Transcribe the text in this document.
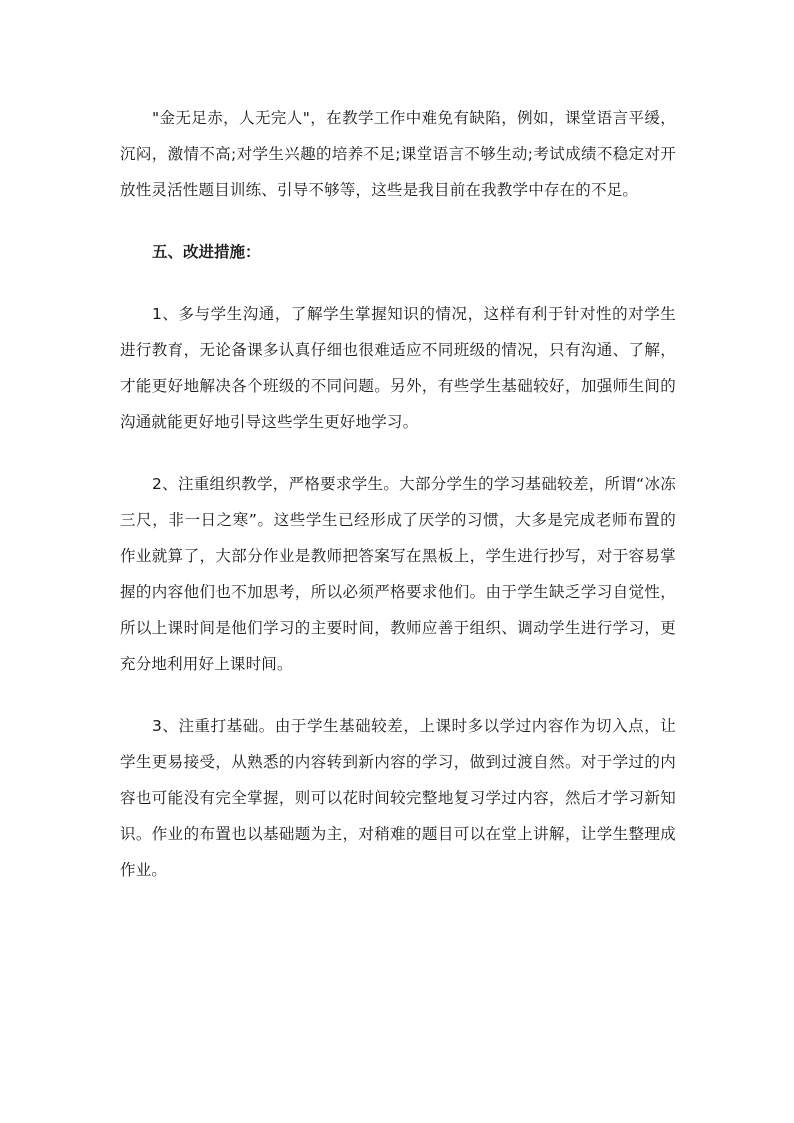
"金无足赤，人无完人"，在教学工作中难免有缺陷，例如，课堂语言平缓，沉闷，激情不高;对学生兴趣的培养不足;课堂语言不够生动;考试成绩不稳定对开放性灵活性题目训练、引导不够等，这些是我目前在我教学中存在的不足。

五、改进措施：

1、多与学生沟通，了解学生掌握知识的情况，这样有利于针对性的对学生进行教育，无论备课多认真仔细也很难适应不同班级的情况，只有沟通、了解，才能更好地解决各个班级的不同问题。另外，有些学生基础较好，加强师生间的沟通就能更好地引导这些学生更好地学习。

2、注重组织教学，严格要求学生。大部分学生的学习基础较差，所谓“冰冻三尺，非一日之寒”。这些学生已经形成了厌学的习惯，大多是完成老师布置的作业就算了，大部分作业是教师把答案写在黑板上，学生进行抄写，对于容易掌握的内容他们也不加思考，所以必须严格要求他们。由于学生缺乏学习自觉性，所以上课时间是他们学习的主要时间，教师应善于组织、调动学生进行学习，更充分地利用好上课时间。

3、注重打基础。由于学生基础较差，上课时多以学过内容作为切入点，让学生更易接受，从熟悉的内容转到新内容的学习，做到过渡自然。对于学过的内容也可能没有完全掌握，则可以花时间较完整地复习学过内容，然后才学习新知识。作业的布置也以基础题为主，对稍难的题目可以在堂上讲解，让学生整理成作业。
